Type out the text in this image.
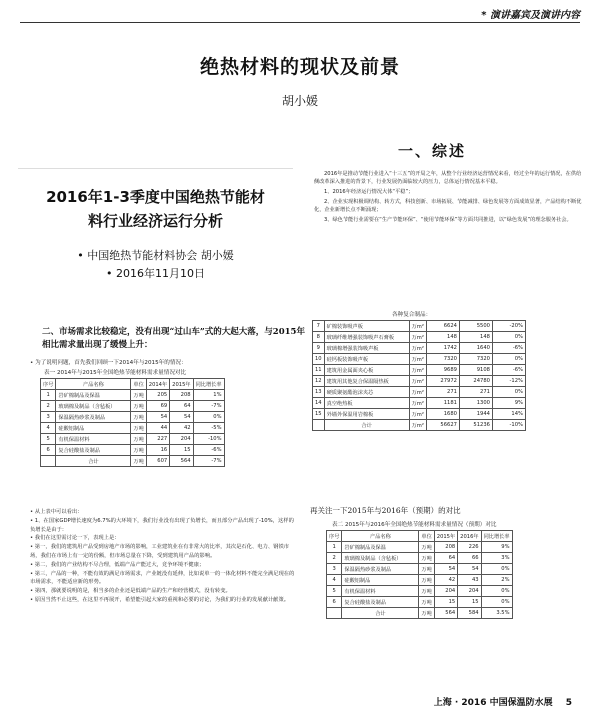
* 演讲嘉宾及演讲内容
绝热材料的现状及前景
胡小媛
一、综述
2016年是推动节能行业进入“十三五”的开局之年，从整个行业经济运营情况来看，经过全年的运行情况，在供给侧改革深入推进的背景下，行业发展仍面临较大的压力，总体运行情况基本平稳。
1、2016年经济运行情况大体“平稳”；
2、企业实现积极调结构、转方式，科技创新、市场拓展、节能减排、绿色发展等方面成效显著，产品结构不断优化，企业新增长点不断涌现；
3、绿色节能行业需要在“生产节能环保”、“使用节能环保”等方面共同推进，以“绿色发展”的理念服务社会。
2016年1-3季度中国绝热节能材
料行业经济运行分析
• 中国绝热节能材料协会 胡小媛
• 2016年11月10日
二、市场需求比较稳定，没有出现“过山车”式的大起大落，与2015年相比需求量出现了缓慢上升：
• 为了说明问题，首先我们回顾一下2014年与2015年的情况：
表一 2014年与2015年全国绝热节能材料需求量情况对比
序号	产品名称	单位	2014年	2015年	同比增长率
1	岩矿棉制品及保温	万吨	205	208	1%
2	玻璃棉及制品（含毡板）	万吨	69	64	-7%
3	保温隔热砂浆及制品	万吨	54	54	0%
4	硅酸铝制品	万吨	44	42	-5%
5	有机保温材料	万吨	227	204	-10%
6	复合硅酸盐及制品	万吨	16	15	-6%
	合计	万吨	607	564	-7%
• 从上表中可以看出：
• 1、在国家GDP增长速度为6.7%的大环境下，我们行业没有出现了负增长，而且部分产品出现了-10%，这样的负增长是由于：
• 我们在这里需讨论一下，表现上是：
• 第一，我们的建筑用产品受到房地产市场的影响，工业建筑业在有非常大的比率，其次是石化、电力、钢铁市场，我们在市场上有一定的份额，但市场总量在下降，受到建筑用产品的影响。
• 第二，我们的产业结构不尽合理，低端产品产能过大，竞争环境不健康；
• 第三，产品的一种，不能有效的满足市场需求，产业链没有延伸，比如说单一的一体化材料不能完全满足现在的市场需求，不能适应新的形势。
• 第四，那就要说明的是，相当多的企业还是低端产品的生产和经营模式，没有转变。
• 原因当然不止这些，在这里不再展开，希望能引起大家的重视和必要的讨论，为我们的行业的发展献计献策。
各种复合制品：
7	矿棉装饰吸声板	万m²	6624	5500	-20%
8	玻璃纤维增强装饰吸声石膏板	万m²	148	148	0%
9	玻璃棉增强装饰吸声板	万m²	1742	1640	-6%
10	硅钙板装饰吸声板	万m²	7320	7320	0%
11	建筑用金属面夹心板	万m²	9689	9108	-6%
12	建筑用其他复合保温隔热板	万m²	27972	24780	-12%
13	硬质聚氨酯泡沫夹芯	万m²	271	271	0%
14	真空绝热板	万m²	1181	1300	9%
15	外墙外保温用岩棉板	万m²	1680	1944	14%
	合计	万m²	56627	51236	-10%
再关注一下2015年与2016年（预期）的对比
表二 2015年与2016年全国绝热节能材料需求量情况（预期）对比
序号	产品名称	单位	2015年	2016年	同比增长率
1	岩矿棉制品及保温	万吨	208	226	9%
2	玻璃棉及制品（含毡板）	万吨	64	66	3%
3	保温隔热砂浆及制品	万吨	54	54	0%
4	硅酸铝制品	万吨	42	43	2%
5	有机保温材料	万吨	204	204	0%
6	复合硅酸盐及制品	万吨	15	15	0%
	合计	万吨	564	584	3.5%
上海 · 2016 中国保温防水展 5
